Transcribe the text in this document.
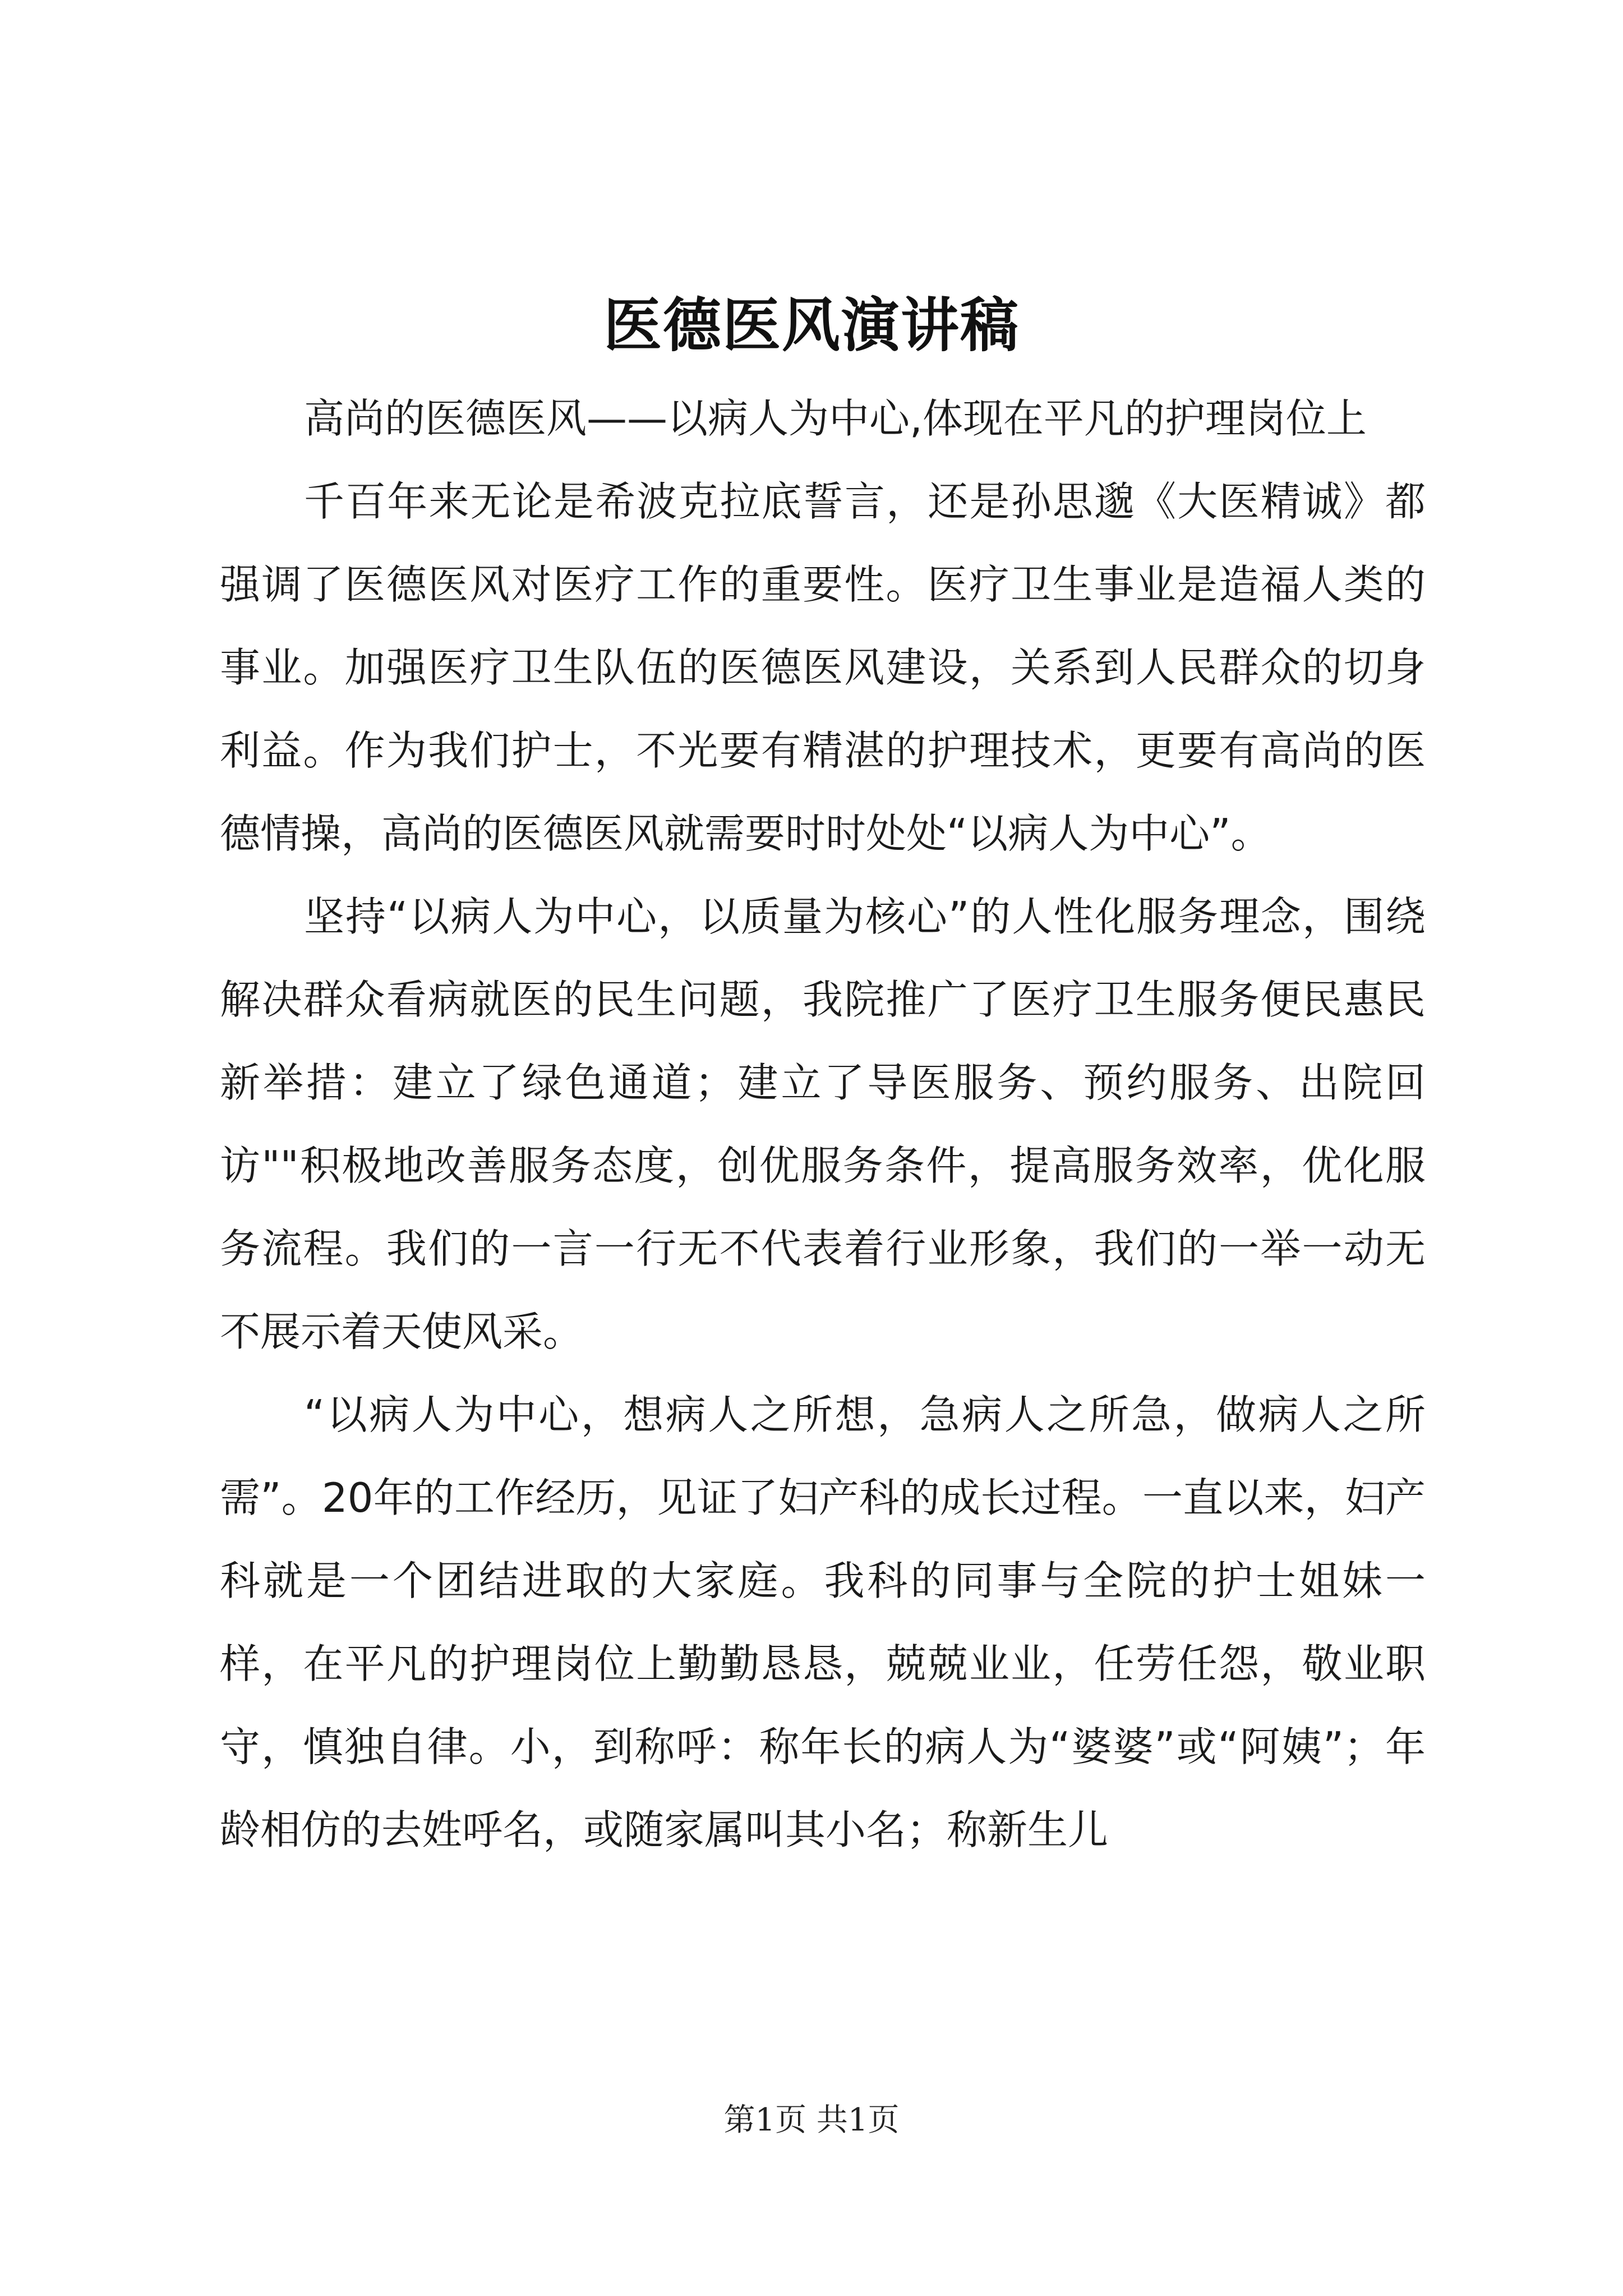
医德医风演讲稿

高尚的医德医风——以病人为中心,体现在平凡的护理岗位上

千百年来无论是希波克拉底誓言，还是孙思邈《大医精诚》都强调了医德医风对医疗工作的重要性。医疗卫生事业是造福人类的事业。加强医疗卫生队伍的医德医风建设，关系到人民群众的切身利益。作为我们护士，不光要有精湛的护理技术，更要有高尚的医德情操，高尚的医德医风就需要时时处处“以病人为中心”。

坚持“以病人为中心，以质量为核心”的人性化服务理念，围绕解决群众看病就医的民生问题，我院推广了医疗卫生服务便民惠民新举措：建立了绿色通道；建立了导医服务、预约服务、出院回访""积极地改善服务态度，创优服务条件，提高服务效率，优化服务流程。我们的一言一行无不代表着行业形象，我们的一举一动无不展示着天使风采。

“以病人为中心，想病人之所想，急病人之所急，做病人之所需”。20年的工作经历，见证了妇产科的成长过程。一直以来，妇产科就是一个团结进取的大家庭。我科的同事与全院的护士姐妹一样，在平凡的护理岗位上勤勤恳恳，兢兢业业，任劳任怨，敬业职守，慎独自律。小，到称呼：称年长的病人为“婆婆”或“阿姨”；年龄相仿的去姓呼名，或随家属叫其小名；称新生儿

第1页 共1页
